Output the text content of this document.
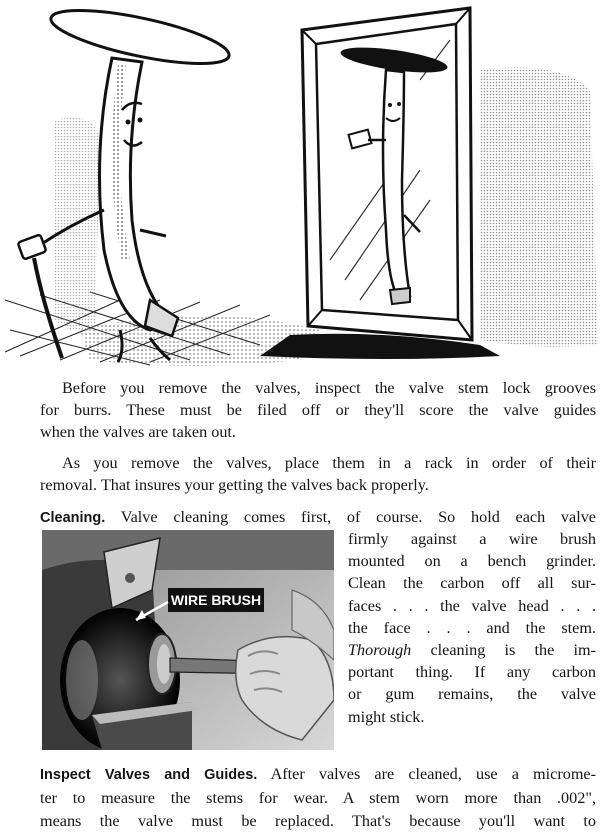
Before you remove the valves, inspect the valve stem lock grooves
for burrs. These must be filed off or they'll score the valve guides
when the valves are taken out.
As you remove the valves, place them in a rack in order of their
removal. That insures your getting the valves back properly.
Cleaning. Valve cleaning comes first, of course. So hold each valve
WIRE BRUSH
firmly against a wire brush
mounted on a bench grinder.
Clean the carbon off all sur-
faces . . . the valve head . . .
the face . . . and the stem.
Thorough cleaning is the im-
portant thing. If any carbon
or gum remains, the valve
might stick.
Inspect Valves and Guides. After valves are cleaned, use a microme-
ter to measure the stems for wear. A stem worn more than .002",
means the valve must be replaced. That's because you'll want to
